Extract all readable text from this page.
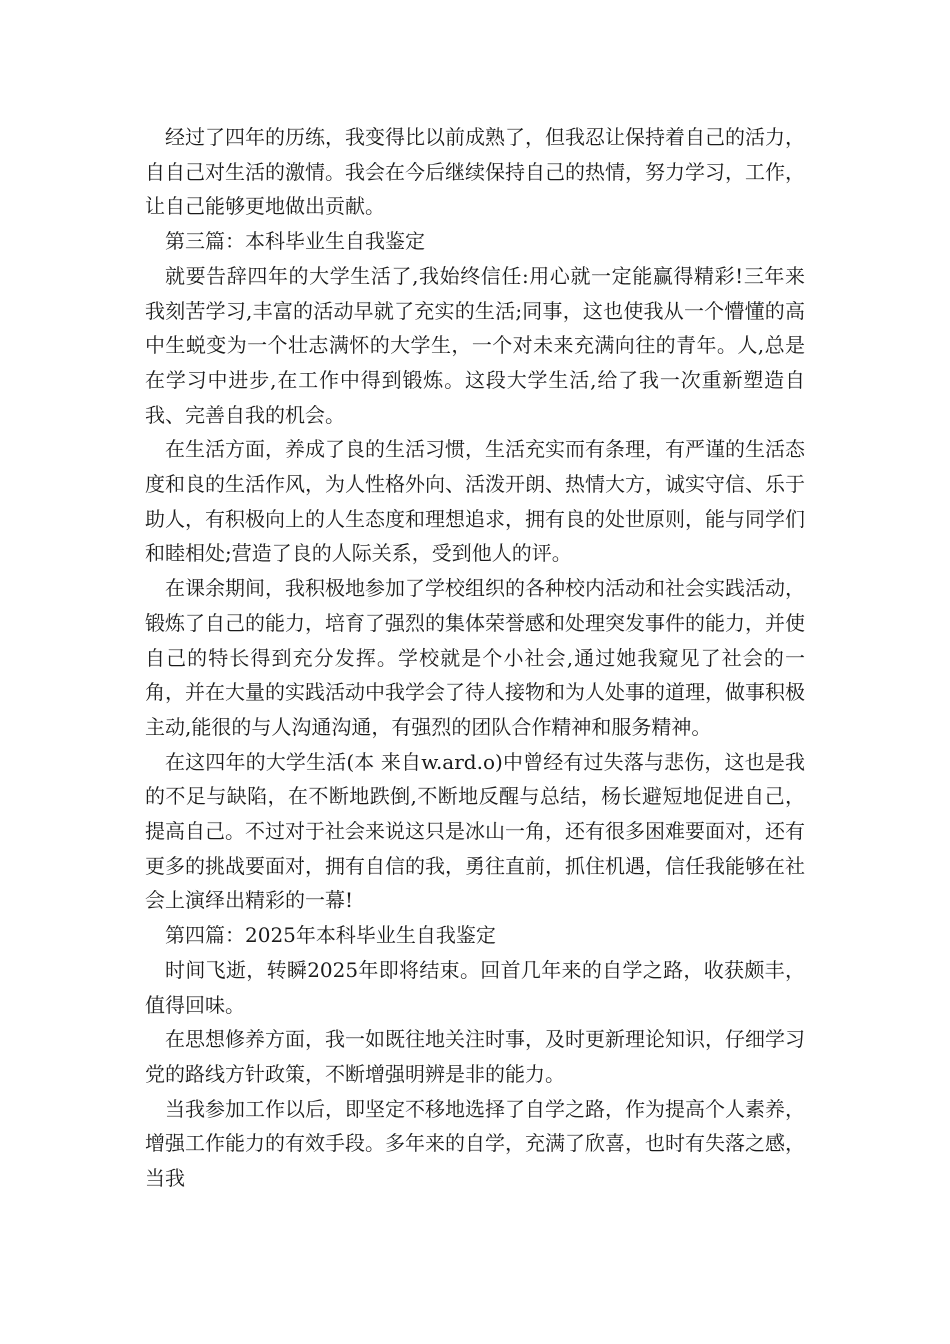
经过了四年的历练，我变得比以前成熟了，但我忍让保持着自己的活力，自自己对生活的激情。我会在今后继续保持自己的热情，努力学习，工作，让自己能够更地做出贡献。

第三篇：本科毕业生自我鉴定

就要告辞四年的大学生活了,我始终信任:用心就一定能赢得精彩!三年来我刻苦学习,丰富的活动早就了充实的生活;同事，这也使我从一个懵懂的高中生蜕变为一个壮志满怀的大学生，一个对未来充满向往的青年。人,总是在学习中进步,在工作中得到锻炼。这段大学生活,给了我一次重新塑造自我、完善自我的机会。

在生活方面，养成了良的生活习惯，生活充实而有条理，有严谨的生活态度和良的生活作风，为人性格外向、活泼开朗、热情大方，诚实守信、乐于助人，有积极向上的人生态度和理想追求，拥有良的处世原则，能与同学们和睦相处;营造了良的人际关系，受到他人的评。

在课余期间，我积极地参加了学校组织的各种校内活动和社会实践活动，锻炼了自己的能力，培育了强烈的集体荣誉感和处理突发事件的能力，并使自己的特长得到充分发挥。学校就是个小社会,通过她我窥见了社会的一角，并在大量的实践活动中我学会了待人接物和为人处事的道理，做事积极主动,能很的与人沟通沟通，有强烈的团队合作精神和服务精神。

在这四年的大学生活(本 来自w.ard.o)中曾经有过失落与悲伤，这也是我的不足与缺陷，在不断地跌倒,不断地反醒与总结，杨长避短地促进自己，提高自己。不过对于社会来说这只是冰山一角，还有很多困难要面对，还有更多的挑战要面对，拥有自信的我，勇往直前，抓住机遇，信任我能够在社会上演绎出精彩的一幕!

第四篇：2025年本科毕业生自我鉴定

时间飞逝，转瞬2025年即将结束。回首几年来的自学之路，收获颇丰，值得回味。

在思想修养方面，我一如既往地关注时事，及时更新理论知识，仔细学习党的路线方针政策，不断增强明辨是非的能力。

当我参加工作以后，即坚定不移地选择了自学之路，作为提高个人素养，增强工作能力的有效手段。多年来的自学，充满了欣喜，也时有失落之感，当我
